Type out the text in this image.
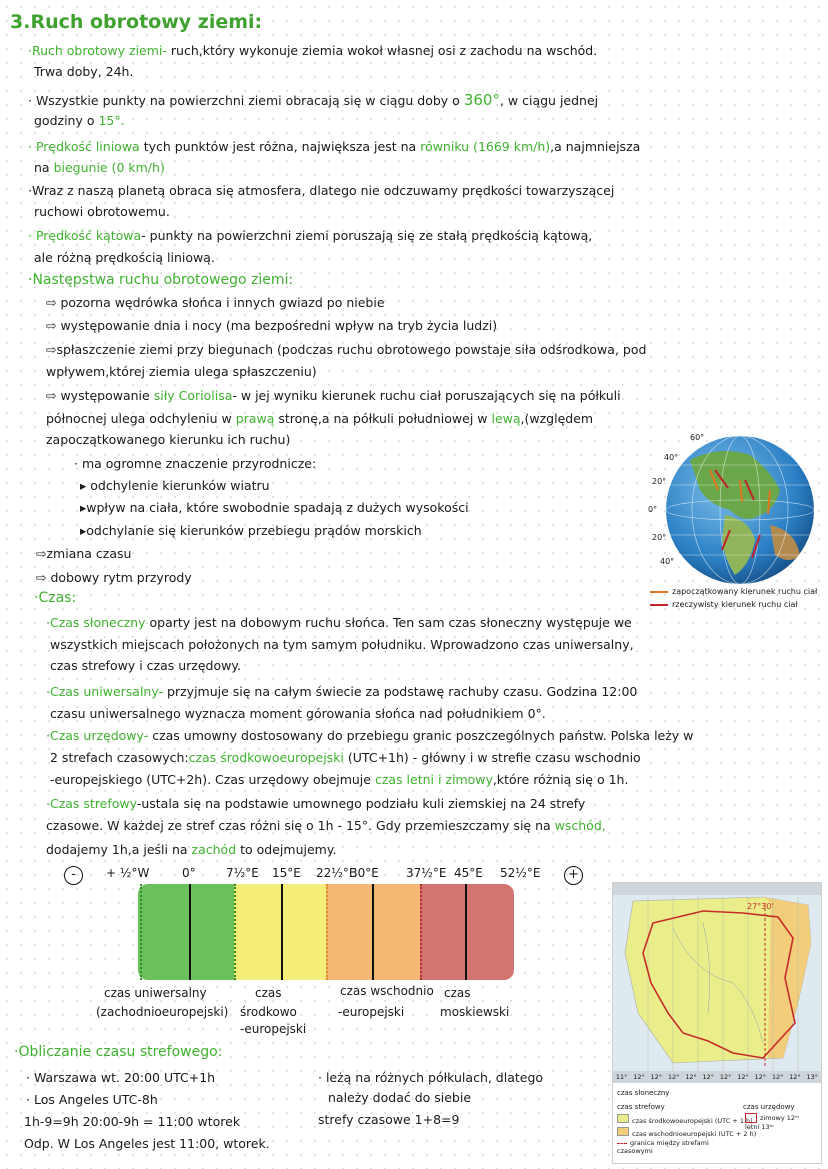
3.Ruch obrotowy ziemi:
·Ruch obrotowy ziemi- ruch,który wykonuje ziemia wokoł własnej osi z zachodu na wschód.
Trwa doby, 24h.
· Wszystkie punkty na powierzchni ziemi obracają się w ciągu doby o 360°, w ciągu jednej
godziny o 15°.
· Prędkość liniowa tych punktów jest różna, największa jest na równiku (1669 km/h),a najmniejsza
na biegunie (0 km/h)
·Wraz z naszą planetą obraca się atmosfera, dlatego nie odczuwamy prędkości towarzyszącej
ruchowi obrotowemu.
· Prędkość kątowa- punkty na powierzchni ziemi poruszają się ze stałą prędkością kątową,
ale różną prędkością liniową.
·Następstwa ruchu obrotowego ziemi:
⇨ pozorna wędrówka słońca i innych gwiazd po niebie
⇨ występowanie dnia i nocy (ma bezpośredni wpływ na tryb życia ludzi)
⇨spłaszczenie ziemi przy biegunach (podczas ruchu obrotowego powstaje siła odśrodkowa, pod
wpływem,której ziemia ulega spłaszczeniu)
⇨ występowanie siły Coriolisa- w jej wyniku kierunek ruchu ciał poruszających się na półkuli
północnej ulega odchyleniu w prawą stronę,a na półkuli południowej w lewą,(względem
zapoczątkowanego kierunku ich ruchu)
· ma ogromne znaczenie przyrodnicze:
▸ odchylenie kierunków wiatru
▸wpływ na ciała, które swobodnie spadają z dużych wysokości
▸odchylanie się kierunków przebiegu prądów morskich
⇨zmiana czasu
⇨ dobowy rytm przyrody
·Czas:
·Czas słoneczny oparty jest na dobowym ruchu słońca. Ten sam czas słoneczny występuje we
wszystkich miejscach położonych na tym samym południku. Wprowadzono czas uniwersalny,
czas strefowy i czas urzędowy.
·Czas uniwersalny- przyjmuje się na całym świecie za podstawę rachuby czasu. Godzina 12:00
czasu uniwersalnego wyznacza moment górowania słońca nad południkiem 0°.
·Czas urzędowy- czas umowny dostosowany do przebiegu granic poszczególnych państw. Polska leży w
2 strefach czasowych:czas środkowoeuropejski (UTC+1h) - główny i w strefie czasu wschodnio
-europejskiego (UTC+2h). Czas urzędowy obejmuje czas letni i zimowy,które różnią się o 1h.
·Czas strefowy-ustala się na podstawie umownego podziału kuli ziemskiej na 24 strefy
czasowe. W każdej ze stref czas różni się o 1h - 15°. Gdy przemieszczamy się na wschód,
dodajemy 1h,a jeśli na zachód to odejmujemy.
-	+
+ ½°W	0°	7½°E 15°E 22½°E
30°E 37½°E 45°E 52½°E
czas uniwersalny
(zachodnioeuropejski)
czas
środkowo
-europejski
czas wschodnio
-europejski
czas
moskiewski
·Obliczanie czasu strefowego:
· Warszawa wt. 20:00 UTC+1h	· leżą na różnych półkulach, dlatego
· Los Angeles UTC-8h	należy dodać do siebie
1h-9=9h 20:00-9h = 11:00 wtorek	strefy czasowe 1+8=9
Odp. W Los Angeles jest 11:00, wtorek.
60°
40°
20°
0°
20°
40°
zapoczątkowany kierunek ruchu ciał
rzeczywisty kierunek ruchu ciał
27°30'
11° 12° 12° 12° 12° 12° 12° 12° 12° 12° 12° 13°
czas słoneczny
czas strefowy	czas urzędowy
czas środkowoeuropejski (UTC + 1 h)
czas wschodnioeuropejski (UTC + 2 h)
granica między strefami czasowymi
zimowy 12ᵐ letni 13ᵐ
